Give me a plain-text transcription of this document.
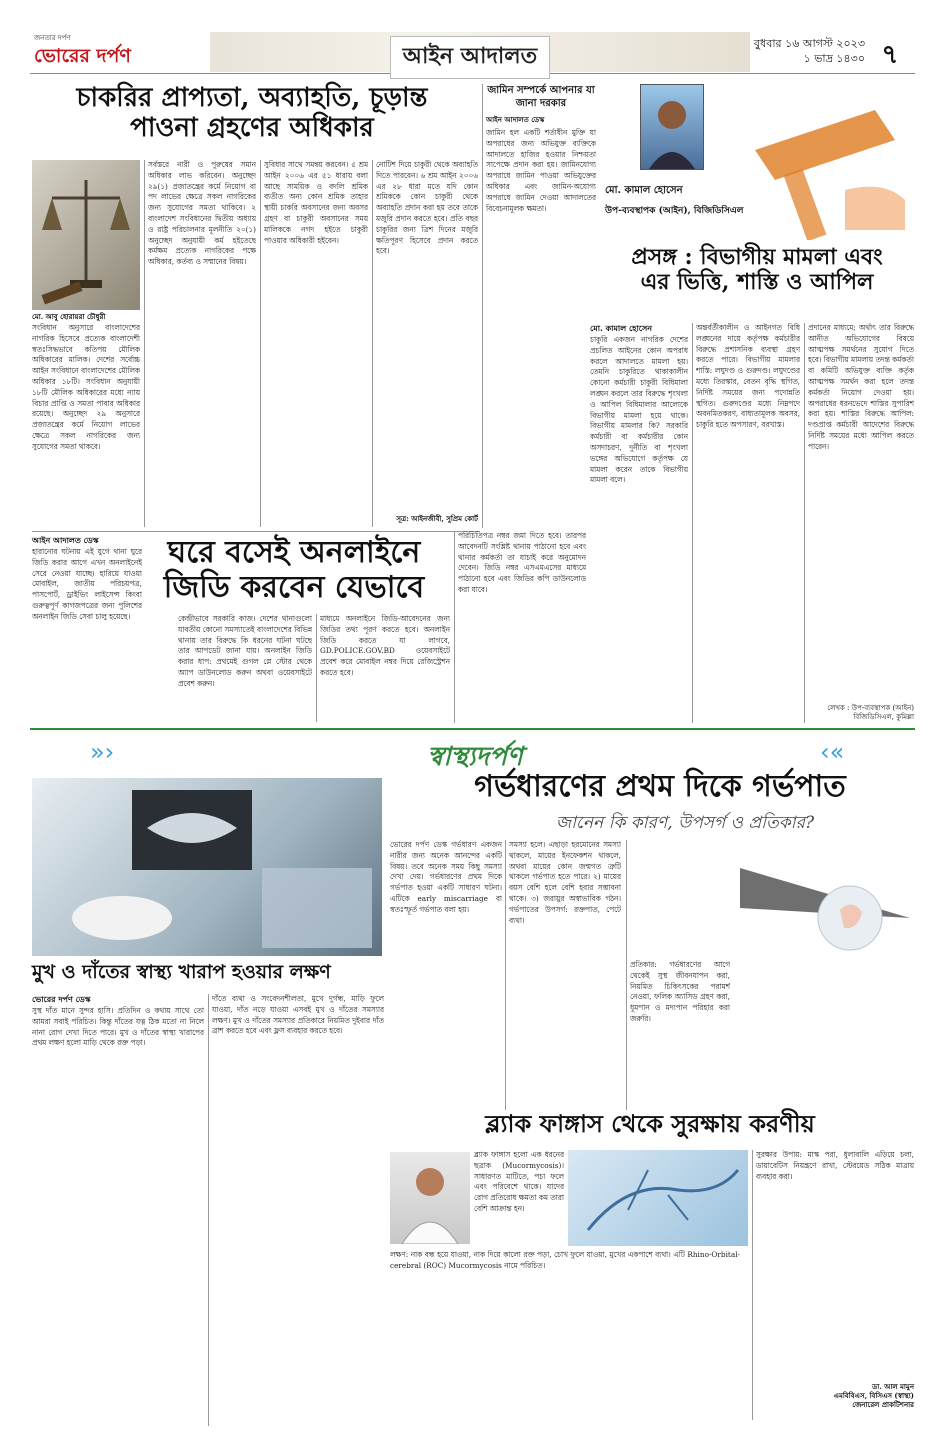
জনতার দর্পণ
ভোরের দর্পণ	আইন আদালত	বুধবার ১৬ আগস্ট ২০২৩
১ ভাদ্র ১৪৩০ ৭
চাকরির প্রাপ্যতা, অব্যাহতি, চূড়ান্ত
পাওনা গ্রহণের অধিকার
মো. আবু হোরায়রা চৌধুরী
সংবিধান অনুসারে বাংলাদেশের নাগরিক হিসেবে প্রত্যেক বাংলাদেশী স্বতঃসিদ্ধভাবে কতিপয় মৌলিক অধিকারের মালিক। দেশের সর্বোচ্চ আইন সংবিধানে বাংলাদেশের মৌলিক অধিকার ১৮টি। সংবিধান অনুযায়ী ১৮টি মৌলিক অধিকারের মধ্যে ন্যায় বিচার প্রাপ্তি ও সমতা পাবার অধিকার রয়েছে। অনুচ্ছেদ ২৯ অনুসারে প্রজাতন্ত্রের কর্মে নিয়োগ লাভের ক্ষেত্রে সকল নাগরিকের জন্য সুযোগের সমতা থাকবে।
সর্বস্তরে নারী ও পুরুষের সমান অধিকার লাভ করিবেন। অনুচ্ছেদ ২৯(১) প্রজাতন্ত্রের কর্মে নিয়োগ বা পদ লাভের ক্ষেত্রে সকল নাগরিকের জন্য সুযোগের সমতা থাকিবে। ২ বাংলাদেশ সংবিধানের দ্বিতীয় অধ্যায় ও রাষ্ট্র পরিচালনার মূলনীতি ২০(১) অনুচ্ছেদ অনুযায়ী কর্ম হইতেছে কর্মক্ষম প্রত্যেক নাগরিকের পক্ষে অধিকার, কর্তব্য ও সম্মানের বিষয়।
সুবিধার সাথে সমন্বয় করবেন। ৫ শ্রম আইন ২০০৬ এর ৫১ ধারায় বলা আছে সাময়িক ও বদলি শ্রমিক ব্যতীত অন্য কোন শ্রমিক তাহার স্থায়ী চাকরি অবসানের জন্য অবসর গ্রহণ বা চাকুরী অবসানের সময় মালিককে নগদ হইতে চাকুরী পাওয়ার অধিকারী হইবেন।
নোটিশ দিয়ে চাকুরী থেকে অব্যাহতি দিতে পারবেন। ৬ শ্রম আইন ২০০৬ এর ২৮ ধারা মতে যদি কোন শ্রমিককে কোন চাকুরী থেকে অব্যাহতি প্রদান করা হয় তবে তাকে মজুরি প্রদান করতে হবে। প্রতি বছর চাকুরির জন্য ত্রিশ দিনের মজুরি ক্ষতিপূরণ হিসেবে প্রদান করতে হবে।
সূত্র: আইনজীবী, সুপ্রিম কোর্ট
জামিন সম্পর্কে আপনার যা জানা দরকার
আইন আদালত ডেস্ক
জামিন হল একটি শর্তাধীন মুক্তি যা অপরাধের জন্য অভিযুক্ত ব্যক্তিকে আদালতে হাজির হওয়ার নিশ্চয়তা সাপেক্ষে প্রদান করা হয়। জামিনযোগ্য অপরাধে জামিন পাওয়া অভিযুক্তের অধিকার এবং জামিন-অযোগ্য অপরাধে জামিন দেওয়া আদালতের বিবেচনামূলক ক্ষমতা।
মো. কামাল হোসেন
উপ-ব্যবস্থাপক (আইন), বিজিডিসিএল
প্রসঙ্গ : বিভাগীয় মামলা এবং
এর ভিত্তি, শাস্তি ও আপিল
মো. কামাল হোসেন
চাকুরি একজন নাগরিক দেশের প্রচলিত আইনের কোন অপরাধ করলে আদালতে মামলা হয়। তেমনি চাকুরিতে থাকাকালীন কোনো কর্মচারী চাকুরী বিধিমালা লঙ্ঘন করলে তার বিরুদ্ধে শৃংখলা ও আপিল বিধিমালার আলোকে বিভাগীয় মামলা হয়ে থাকে। বিভাগীয় মামলার কি? সরকারি কর্মচারী বা কর্মচারীর কোন অসদাচরণ, দুর্নীতি বা শৃংখলা ভঙ্গের অভিযোগে কর্তৃপক্ষ যে মামলা করেন তাকে বিভাগীয় মামলা বলে।
অন্তর্বর্তীকালীন ও আইনগত বিধি লঙ্ঘনের দায়ে কর্তৃপক্ষ কর্মচারীর বিরুদ্ধে প্রশাসনিক ব্যবস্থা গ্রহণ করতে পারে। বিভাগীয় মামলার শাস্তি: লঘুদণ্ড ও গুরুদণ্ড। লঘুদণ্ডের মধ্যে তিরস্কার, বেতন বৃদ্ধি স্থগিত, নির্দিষ্ট সময়ের জন্য পদোন্নতি স্থগিত। গুরুদণ্ডের মধ্যে নিম্নপদে অবনমিতকরণ, বাধ্যতামূলক অবসর, চাকুরি হতে অপসারণ, বরখাস্ত।
প্রদানের মাধ্যমে; অর্থাৎ তার বিরুদ্ধে আনীত অভিযোগের বিষয়ে আত্মপক্ষ সমর্থনের সুযোগ দিতে হবে। বিভাগীয় মামলায় তদন্ত কর্মকর্তা বা কমিটি অভিযুক্ত ব্যক্তি কর্তৃক আত্মপক্ষ সমর্থন করা হলে তদন্ত কর্মকর্তা নিয়োগ দেওয়া হয়। অপরাধের ধরনভেদে শাস্তির সুপারিশ করা হয়। শাস্তির বিরুদ্ধে আপিল: দণ্ডপ্রাপ্ত কর্মচারী আদেশের বিরুদ্ধে নির্দিষ্ট সময়ের মধ্যে আপিল করতে পারেন।
লেখক : উপ-ব্যবস্থাপক (আইন) বিজিডিসিএল, কুমিল্লা
আইন আদালত ডেস্ক
হারানোর ঘটনায় এই যুগে থানা ঘুরে জিডি করার আগে এখন অনলাইনেই সেরে নেওয়া যাচ্ছে। হারিয়ে যাওয়া মোবাইল, জাতীয় পরিচয়পত্র, পাসপোর্ট, ড্রাইভিং লাইসেন্স কিংবা গুরুত্বপূর্ণ কাগজপত্রের জন্য পুলিশের অনলাইন জিডি সেবা চালু হয়েছে।
ঘরে বসেই অনলাইনে
জিডি করবেন যেভাবে
কেন্দ্রীভাবে সরকারি কাজ। দেশের থানাগুলো যাবতীয় কোনো সমস্যাতেই বাংলাদেশের বিভিন্ন থানায় তার বিরুদ্ধে কি ধরনের ঘটনা ঘটছে তার আপডেট জানা যায়। অনলাইন জিডি করার ধাপ: প্রথমেই গুগল প্লে স্টোর থেকে অ্যাপ ডাউনলোড করুন অথবা ওয়েবসাইটে প্রবেশ করুন।
মাধ্যমে অনলাইনে জিডি-আবেদনের জন্য জিডির তথ্য পূরণ করতে হবে। অনলাইন জিডি করতে যা লাগবে, GD.POLICE.GOV.BD ওয়েবসাইটে প্রবেশ করে মোবাইল নম্বর দিয়ে রেজিস্ট্রেশন করতে হবে।
পরিচিতিপত্র নম্বর জমা দিতে হবে। তারপর আবেদনটি সংশ্লিষ্ট থানায় পাঠানো হবে এবং থানার কর্মকর্তা তা যাচাই করে অনুমোদন দেবেন। জিডি নম্বর এসএমএসের মাধ্যমে পাঠানো হবে এবং জিডির কপি ডাউনলোড করা যাবে।
»›	স্বাস্থ্যদর্পণ	‹«
গর্ভধারণের প্রথম দিকে গর্ভপাত
জানেন কি কারণ, উপসর্গ ও প্রতিকার?
ভোরের দর্পণ ডেস্ক গর্ভধারণ একজন নারীর জন্য অনেক আনন্দের একটি বিষয়। তবে অনেক সময় কিছু সমস্যা দেখা দেয়। গর্ভধারণের প্রথম দিকে গর্ভপাত হওয়া একটি সাধারণ ঘটনা। এটিকে early miscarriage বা স্বতঃস্ফূর্ত গর্ভপাত বলা হয়।
সমস্যা হলে। এছাড়া হরমোনের সমস্যা থাকলে, মায়ের ইনফেকশন থাকলে, অথবা মায়ের কোন জন্মগত ত্রুটি থাকলে গর্ভপাত হতে পারে। ২) মায়ের বয়স বেশি হলে বেশি হবার সম্ভাবনা থাকে। ৩) জরায়ুর অস্বাভাবিক গঠন। গর্ভপাতের উপসর্গ: রক্তপাত, পেটে ব্যথা।
প্রতিকার: গর্ভধারণের আগে থেকেই সুস্থ জীবনযাপন করা, নিয়মিত চিকিৎসকের পরামর্শ নেওয়া, ফলিক অ্যাসিড গ্রহণ করা, ধূমপান ও মদ্যপান পরিহার করা জরুরি।
মুখ ও দাঁতের স্বাস্থ্য খারাপ হওয়ার লক্ষণ
ভোরের দর্পণ ডেস্ক
সুস্থ দাঁত মানে সুন্দর হাসি। প্রতিদিন ও কথায় সাথে তো আমরা সবাই পরিচিত। কিন্তু দাঁতের যত্ন ঠিক মতো না নিলে নানা রোগ দেখা দিতে পারে। মুখ ও দাঁতের স্বাস্থ্য খারাপের প্রথম লক্ষণ হলো মাড়ি থেকে রক্ত পড়া।
দাঁতে ব্যথা ও সংবেদনশীলতা, মুখে দুর্গন্ধ, মাড়ি ফুলে যাওয়া, দাঁত নড়ে যাওয়া এসবই মুখ ও দাঁতের সমস্যার লক্ষণ। মুখ ও দাঁতের সমস্যার প্রতিকারে নিয়মিত দুইবার দাঁত ব্রাশ করতে হবে এবং ফ্লস ব্যবহার করতে হবে।
ব্ল্যাক ফাঙ্গাস থেকে সুরক্ষায় করণীয়
ব্ল্যাক ফাঙ্গাস হলো এক ধরনের ছত্রাক (Mucormycosis)। সাধারণত মাটিতে, পচা ফলে এবং পরিবেশে থাকে। যাদের রোগ প্রতিরোধ ক্ষমতা কম তারা বেশি আক্রান্ত হন।
লক্ষণ: নাক বন্ধ হয়ে যাওয়া, নাক দিয়ে কালো রক্ত পড়া, চোখ ফুলে যাওয়া, মুখের একপাশে ব্যথা। এটি Rhino-Orbital-cerebral (ROC) Mucormycosis নামে পরিচিত।
সুরক্ষার উপায়: মাস্ক পরা, ধুলাবালি এড়িয়ে চলা, ডায়াবেটিস নিয়ন্ত্রণে রাখা, স্টেরয়েড সঠিক মাত্রায় ব্যবহার করা।
ডা. আল মামুন
এমবিবিএস, বিসিএস (স্বাস্থ্য)
জেনারেল প্রাকটিশনার
